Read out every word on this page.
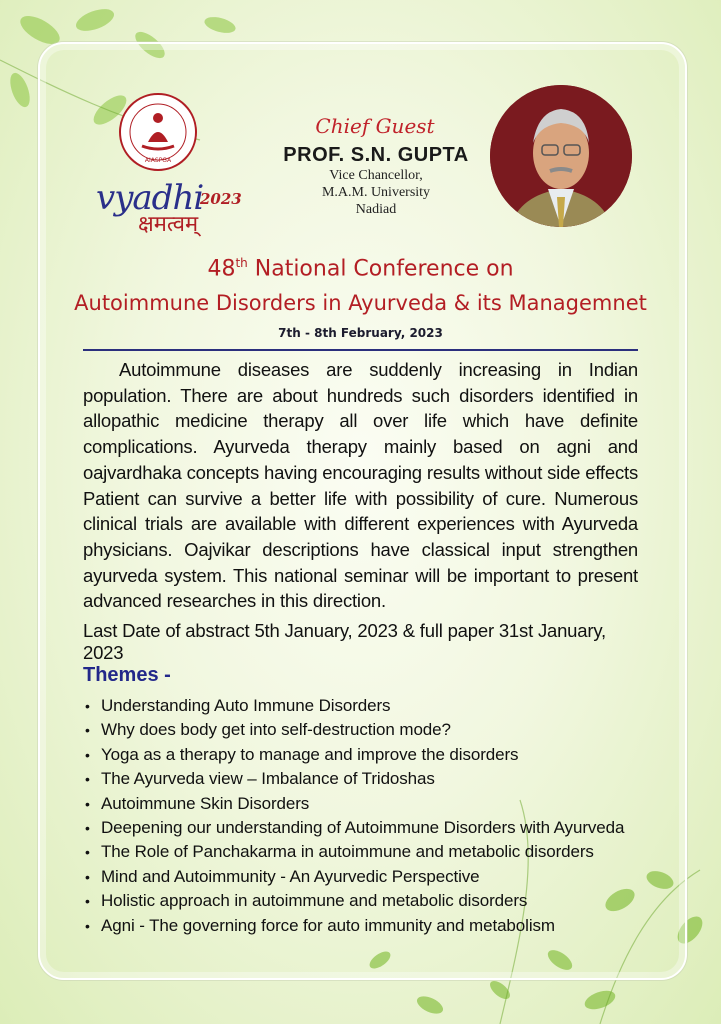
AIASPGA
vyadhi
2023
क्षमत्वम्
Chief Guest
PROF. S.N. GUPTA
Vice Chancellor,
M.A.M. University
Nadiad
48th National Conference on
Autoimmune Disorders in Ayurveda & its Managemnet
7th - 8th February, 2023
Autoimmune diseases are suddenly increasing in Indian population. There are about hundreds such disorders identified in allopathic medicine therapy all over life which have definite complications. Ayurveda therapy mainly based on agni and oajvardhaka concepts having encouraging results without side effects Patient can survive a better life with possibility of cure. Numerous clinical trials are available with different experiences with Ayurveda physicians. Oajvikar descriptions have classical input strengthen ayurveda system. This national seminar will be important to present advanced researches in this direction.
Last Date of abstract 5th January, 2023 & full paper 31st January, 2023
Themes -
• Understanding Auto Immune Disorders
• Why does body get into self-destruction mode?
• Yoga as a therapy to manage and improve the disorders
• The Ayurveda view – Imbalance of Tridoshas
• Autoimmune Skin Disorders
• Deepening our understanding of Autoimmune Disorders with Ayurveda
• The Role of Panchakarma in autoimmune and metabolic disorders
• Mind and Autoimmunity - An Ayurvedic Perspective
• Holistic approach in autoimmune and metabolic disorders
• Agni - The governing force for auto immunity and metabolism
